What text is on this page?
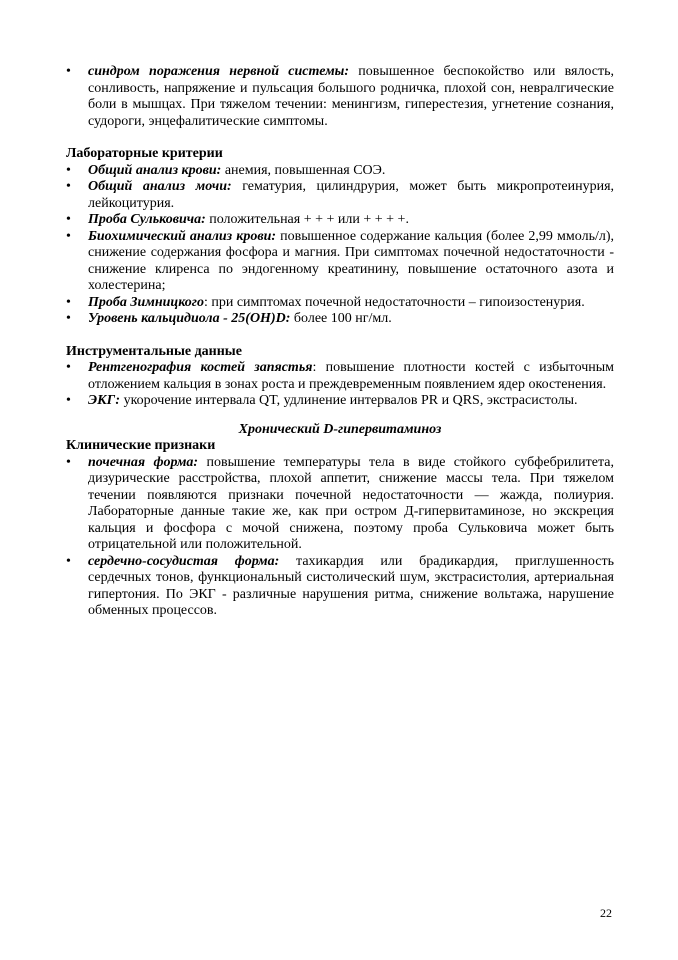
• синдром поражения нервной системы: повышенное беспокойство или вялость, сонливость, напряжение и пульсация большого родничка, плохой сон, невралгические боли в мышцах. При тяжелом течении: менингизм, гиперестезия, угнетение сознания, судороги, энцефалитические симптомы.

Лабораторные критерии

• Общий анализ крови: анемия, повышенная СОЭ.
• Общий анализ мочи: гематурия, цилиндрурия, может быть микропротеинурия, лейкоцитурия.
• Проба Сульковича: положительная + + + или + + + +.
• Биохимический анализ крови: повышенное содержание кальция (более 2,99 ммоль/л), снижение содержания фосфора и магния. При симптомах почечной недостаточности - снижение клиренса по эндогенному креатинину, повышение остаточного азота и холестерина;
• Проба Зимницкого: при симптомах почечной недостаточности – гипоизостенурия.
• Уровень кальцидиола - 25(OH)D: более 100 нг/мл.

Инструментальные данные

• Рентгенография костей запястья: повышение плотности костей с избыточным отложением кальция в зонах роста и преждевременным появлением ядер окостенения.
• ЭКГ: укорочение интервала QT, удлинение интервалов PR и QRS, экстрасистолы.

Хронический D-гипервитаминоз

Клинические признаки

• почечная форма: повышение температуры тела в виде стойкого субфебрилитета, дизурические расстройства, плохой аппетит, снижение массы тела. При тяжелом течении появляются признаки почечной недостаточности — жажда, полиурия. Лабораторные данные такие же, как при остром Д-гипервитаминозе, но экскреция кальция и фосфора с мочой снижена, поэтому проба Сульковича может быть отрицательной или положительной.
• сердечно-сосудистая форма: тахикардия или брадикардия, приглушенность сердечных тонов, функциональный систолический шум, экстрасистолия, артериальная гипертония. По ЭКГ - различные нарушения ритма, снижение вольтажа, нарушение обменных процессов.
22
